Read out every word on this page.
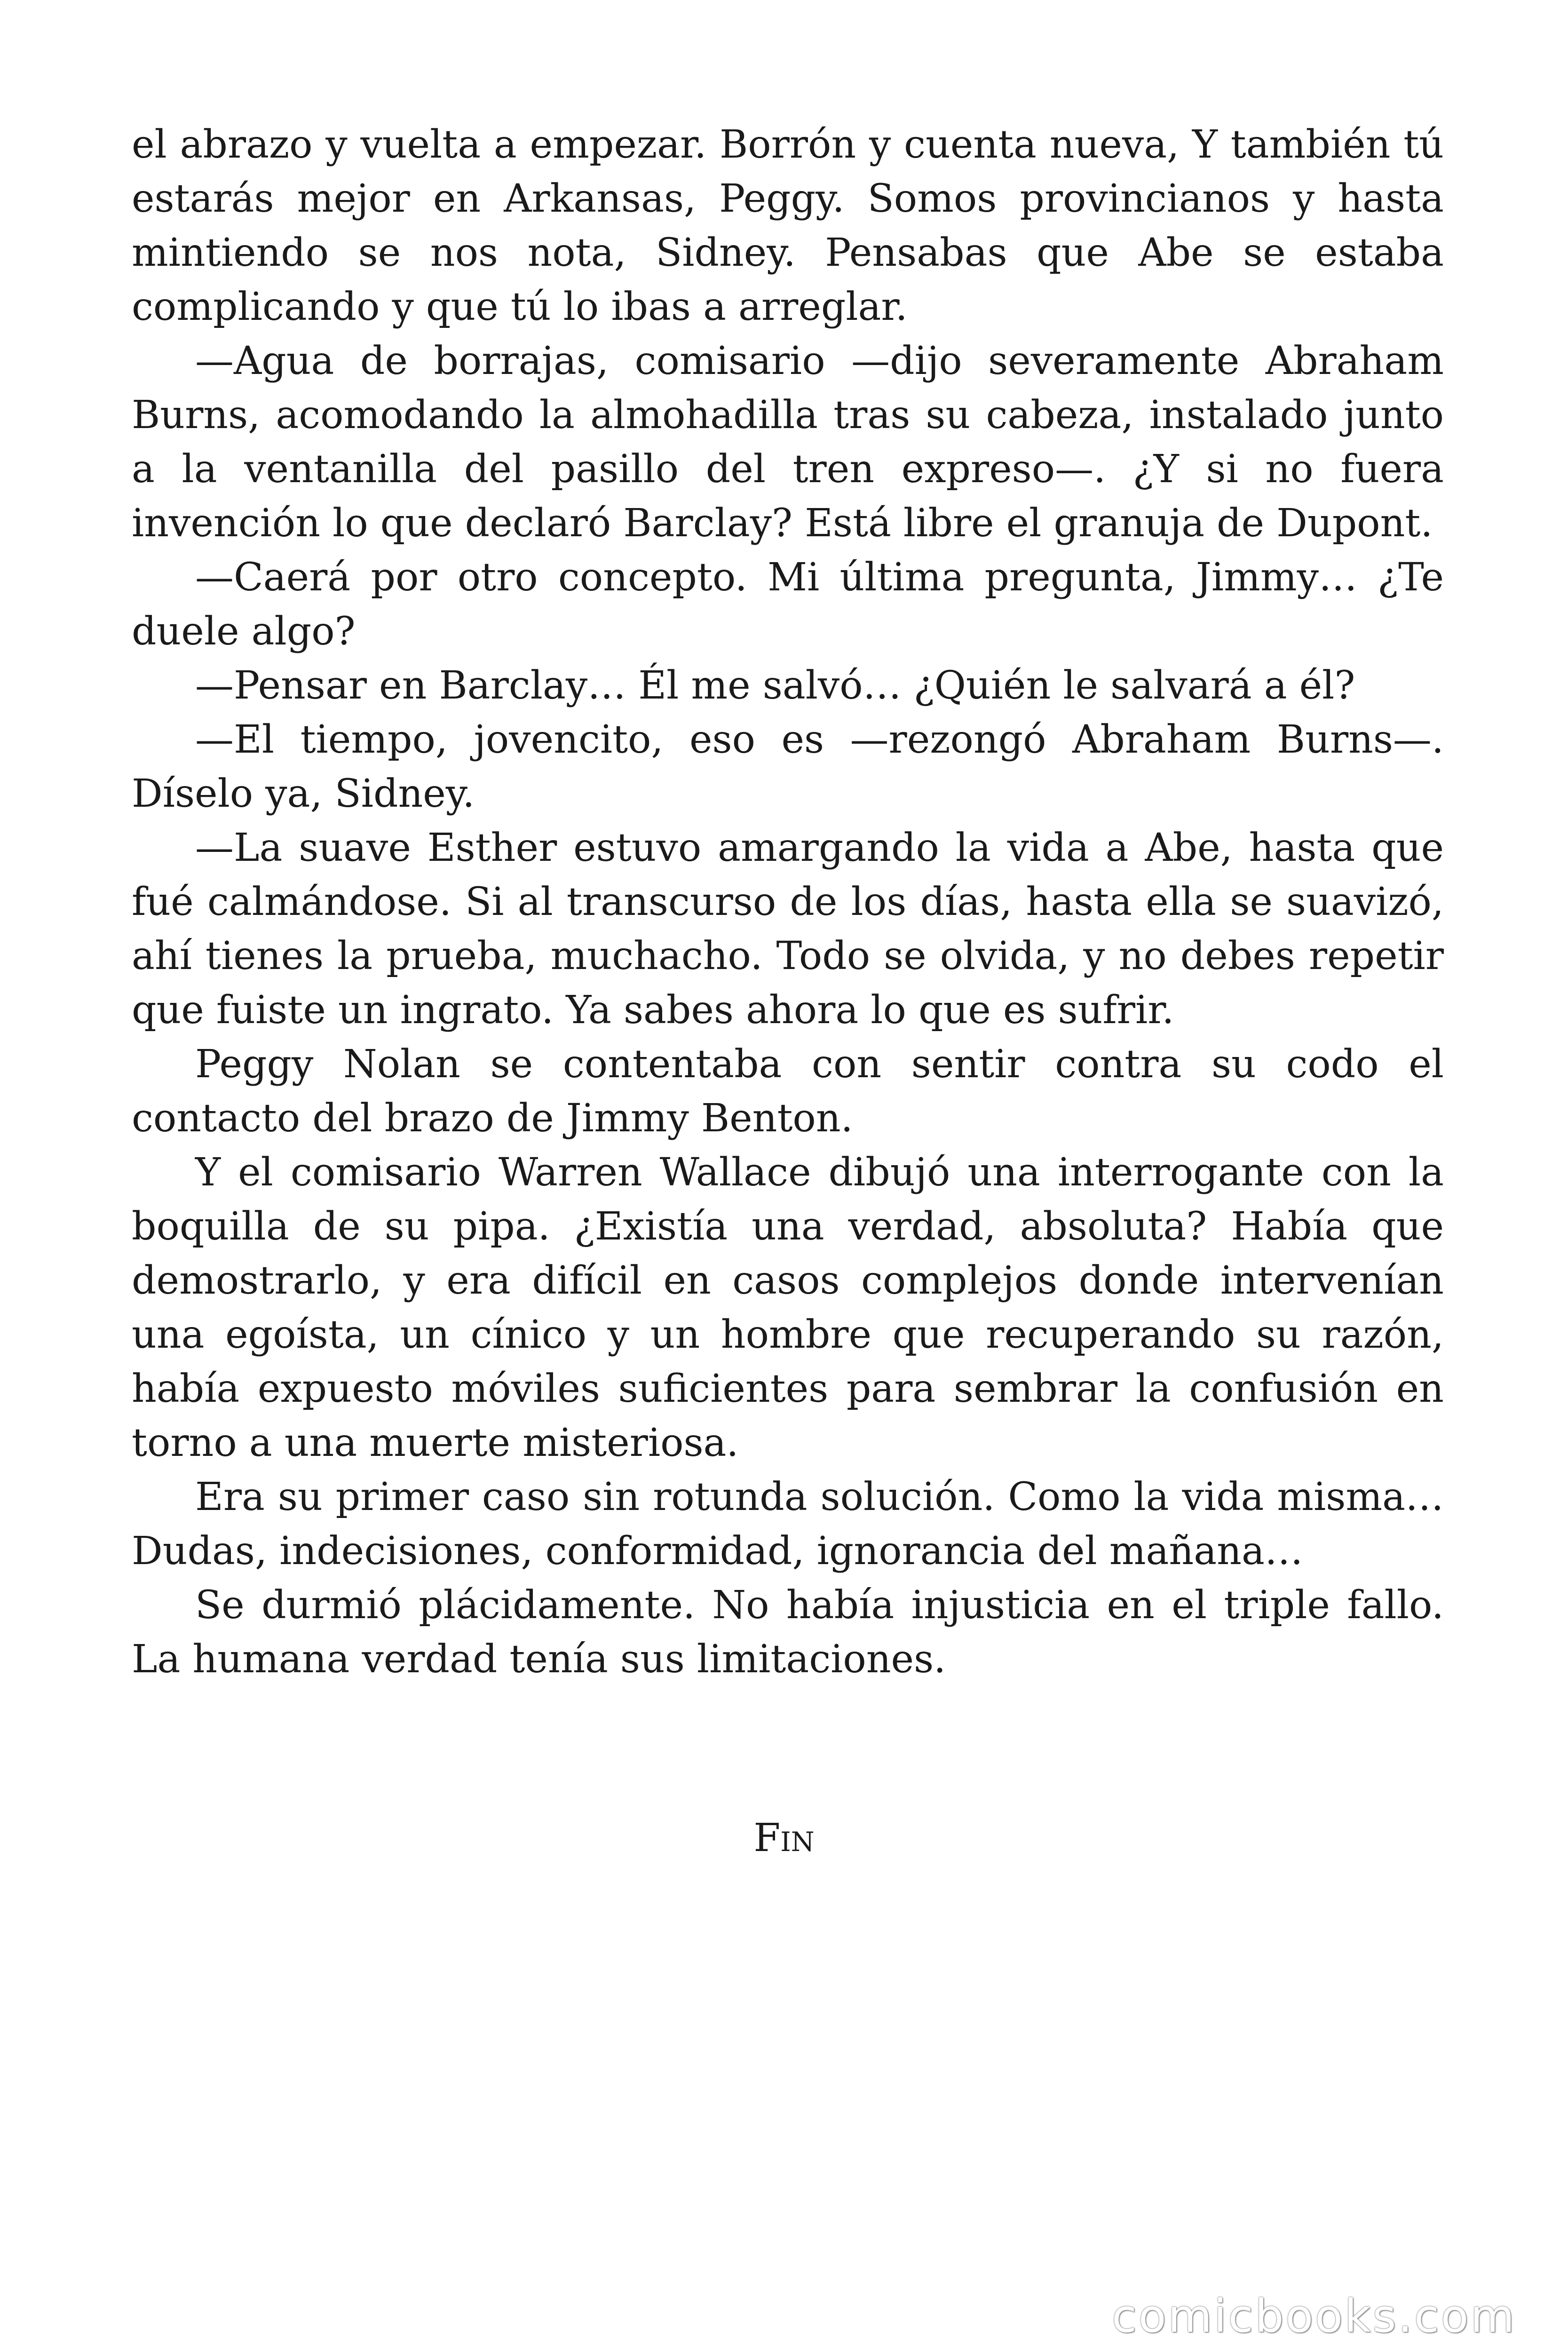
el abrazo y vuelta a empezar. Borrón y cuenta nueva, Y también tú estarás mejor en Arkansas, Peggy. Somos provincianos y hasta mintiendo se nos nota, Sidney. Pensabas que Abe se estaba complicando y que tú lo ibas a arreglar.

—Agua de borrajas, comisario —dijo severamente Abraham Burns, acomodando la almohadilla tras su cabeza, instalado junto a la ventanilla del pasillo del tren expreso—. ¿Y si no fuera invención lo que declaró Barclay? Está libre el granuja de Dupont.

—Caerá por otro concepto. Mi última pregunta, Jimmy… ¿Te duele algo?

—Pensar en Barclay… Él me salvó… ¿Quién le salvará a él?

—El tiempo, jovencito, eso es —rezongó Abraham Burns—. Díselo ya, Sidney.

—La suave Esther estuvo amargando la vida a Abe, hasta que fué calmándose. Si al transcurso de los días, hasta ella se suavizó, ahí tienes la prueba, muchacho. Todo se olvida, y no debes repetir que fuiste un ingrato. Ya sabes ahora lo que es sufrir.

Peggy Nolan se contentaba con sentir contra su codo el contacto del brazo de Jimmy Benton.

Y el comisario Warren Wallace dibujó una interrogante con la boquilla de su pipa. ¿Existía una verdad, absoluta? Había que demostrarlo, y era difícil en casos complejos donde intervenían una egoísta, un cínico y un hombre que recuperando su razón, había expuesto móviles suficientes para sembrar la confusión en torno a una muerte misteriosa.

Era su primer caso sin rotunda solución. Como la vida misma… Dudas, indecisiones, conformidad, ignorancia del mañana…

Se durmió plácidamente. No había injusticia en el triple fallo. La humana verdad tenía sus limitaciones.

Fin
comicbooks.com
